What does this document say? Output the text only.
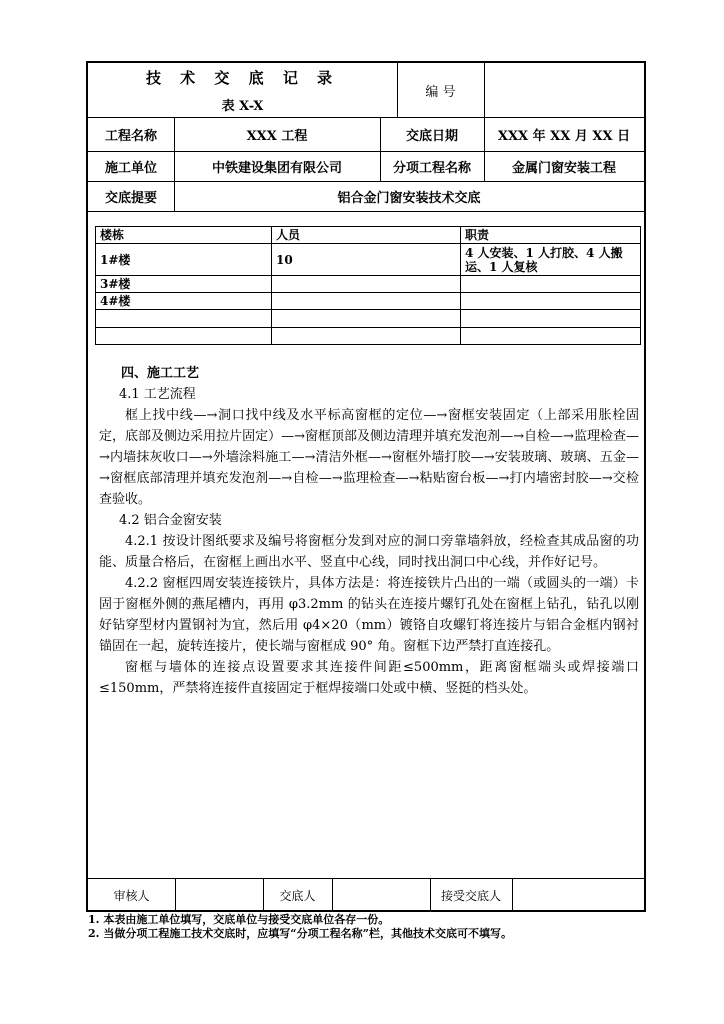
技 术 交 底 记 录
表 X-X
编 号
工程名称	XXX 工程	交底日期	XXX 年 XX 月 XX 日
施工单位	中铁建设集团有限公司	分项工程名称	金属门窗安装工程
交底提要	铝合金门窗安装技术交底
楼栋	人员	职责
1#楼	10	4 人安装、1 人打胶、4 人搬运、1 人复核
3#楼		
4#楼		

四、施工工艺

4.1 工艺流程

框上找中线—→洞口找中线及水平标高窗框的定位—→窗框安装固定（上部采用胀栓固定，底部及侧边采用拉片固定）—→窗框顶部及侧边清理并填充发泡剂—→自检—→监理检查—→内墙抹灰收口—→外墙涂料施工—→清洁外框—→窗框外墙打胶—→安装玻璃、玻璃、五金—→窗框底部清理并填充发泡剂—→自检—→监理检查—→粘贴窗台板—→打内墙密封胶—→交检查验收。

4.2 铝合金窗安装

4.2.1 按设计图纸要求及编号将窗框分发到对应的洞口旁靠墙斜放，经检查其成品窗的功能、质量合格后，在窗框上画出水平、竖直中心线，同时找出洞口中心线，并作好记号。

4.2.2 窗框四周安装连接铁片，具体方法是：将连接铁片凸出的一端（或圆头的一端）卡固于窗框外侧的燕尾槽内，再用 φ3.2mm 的钻头在连接片螺钉孔处在窗框上钻孔，钻孔以刚好钻穿型材内置钢衬为宜，然后用 φ4×20（mm）镀铬自攻螺钉将连接片与铝合金框内钢衬锚固在一起，旋转连接片，使长端与窗框成 90° 角。窗框下边严禁打直连接孔。

窗框与墙体的连接点设置要求其连接件间距≤500mm，距离窗框端头或焊接端口≤150mm，严禁将连接件直接固定于框焊接端口处或中横、竖挺的档头处。

审核人	交底人	接受交底人
1. 本表由施工单位填写，交底单位与接受交底单位各存一份。
2. 当做分项工程施工技术交底时，应填写“分项工程名称”栏，其他技术交底可不填写。
